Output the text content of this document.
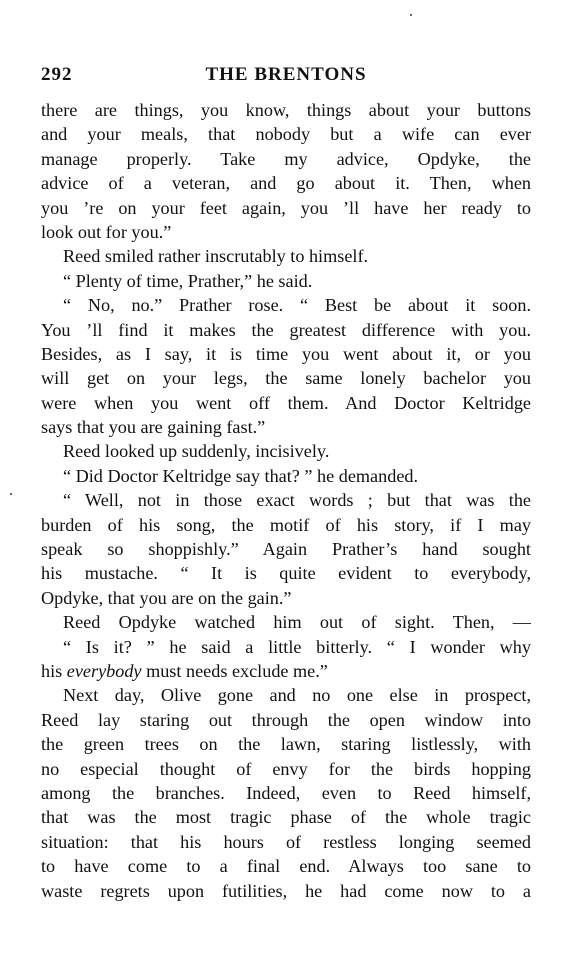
292	THE BRENTONS
there are things, you know, things about your buttons
and your meals, that nobody but a wife can ever
manage properly. Take my advice, Opdyke, the
advice of a veteran, and go about it. Then, when
you ’re on your feet again, you ’ll have her ready to
look out for you.”
Reed smiled rather inscrutably to himself.
“ Plenty of time, Prather,” he said.
“ No, no.” Prather rose. “ Best be about it soon.
You ’ll find it makes the greatest difference with you.
Besides, as I say, it is time you went about it, or you
will get on your legs, the same lonely bachelor you
were when you went off them. And Doctor Keltridge
says that you are gaining fast.”
Reed looked up suddenly, incisively.
“ Did Doctor Keltridge say that? ” he demanded.
“ Well, not in those exact words ; but that was the
burden of his song, the motif of his story, if I may
speak so shoppishly.” Again Prather’s hand sought
his mustache. “ It is quite evident to everybody,
Opdyke, that you are on the gain.”
Reed Opdyke watched him out of sight. Then, —
“ Is it? ” he said a little bitterly. “ I wonder why
his everybody must needs exclude me.”
Next day, Olive gone and no one else in prospect,
Reed lay staring out through the open window into
the green trees on the lawn, staring listlessly, with
no especial thought of envy for the birds hopping
among the branches. Indeed, even to Reed himself,
that was the most tragic phase of the whole tragic
situation: that his hours of restless longing seemed
to have come to a final end. Always too sane to
waste regrets upon futilities, he had come now to a
